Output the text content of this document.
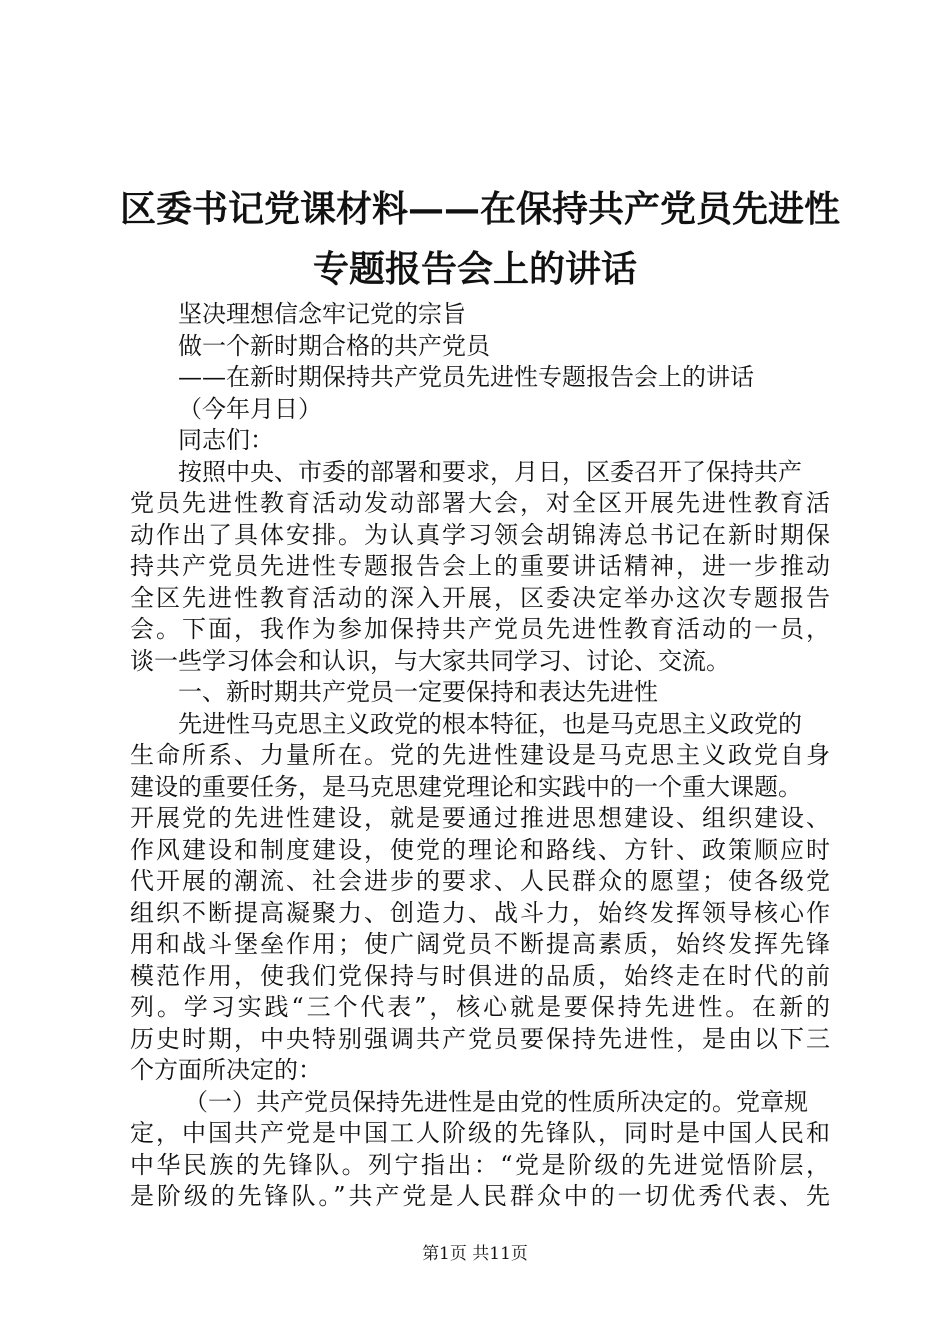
区委书记党课材料——在保持共产党员先进性
专题报告会上的讲话
坚决理想信念牢记党的宗旨
做一个新时期合格的共产党员
——在新时期保持共产党员先进性专题报告会上的讲话
（今年月日）
同志们：
按照中央、市委的部署和要求，月日，区委召开了保持共产
党员先进性教育活动发动部署大会，对全区开展先进性教育活
动作出了具体安排。为认真学习领会胡锦涛总书记在新时期保
持共产党员先进性专题报告会上的重要讲话精神，进一步推动
全区先进性教育活动的深入开展，区委决定举办这次专题报告
会。下面，我作为参加保持共产党员先进性教育活动的一员，
谈一些学习体会和认识，与大家共同学习、讨论、交流。
一、新时期共产党员一定要保持和表达先进性
先进性马克思主义政党的根本特征，也是马克思主义政党的
生命所系、力量所在。党的先进性建设是马克思主义政党自身
建设的重要任务，是马克思建党理论和实践中的一个重大课题。
开展党的先进性建设，就是要通过推进思想建设、组织建设、
作风建设和制度建设，使党的理论和路线、方针、政策顺应时
代开展的潮流、社会进步的要求、人民群众的愿望；使各级党
组织不断提高凝聚力、创造力、战斗力，始终发挥领导核心作
用和战斗堡垒作用；使广阔党员不断提高素质，始终发挥先锋
模范作用，使我们党保持与时俱进的品质，始终走在时代的前
列。学习实践“三个代表”，核心就是要保持先进性。在新的
历史时期，中央特别强调共产党员要保持先进性，是由以下三
个方面所决定的：
（一）共产党员保持先进性是由党的性质所决定的。党章规
定，中国共产党是中国工人阶级的先锋队，同时是中国人民和
中华民族的先锋队。列宁指出：“党是阶级的先进觉悟阶层，
是阶级的先锋队。”共产党是人民群众中的一切优秀代表、先
第1页 共11页
